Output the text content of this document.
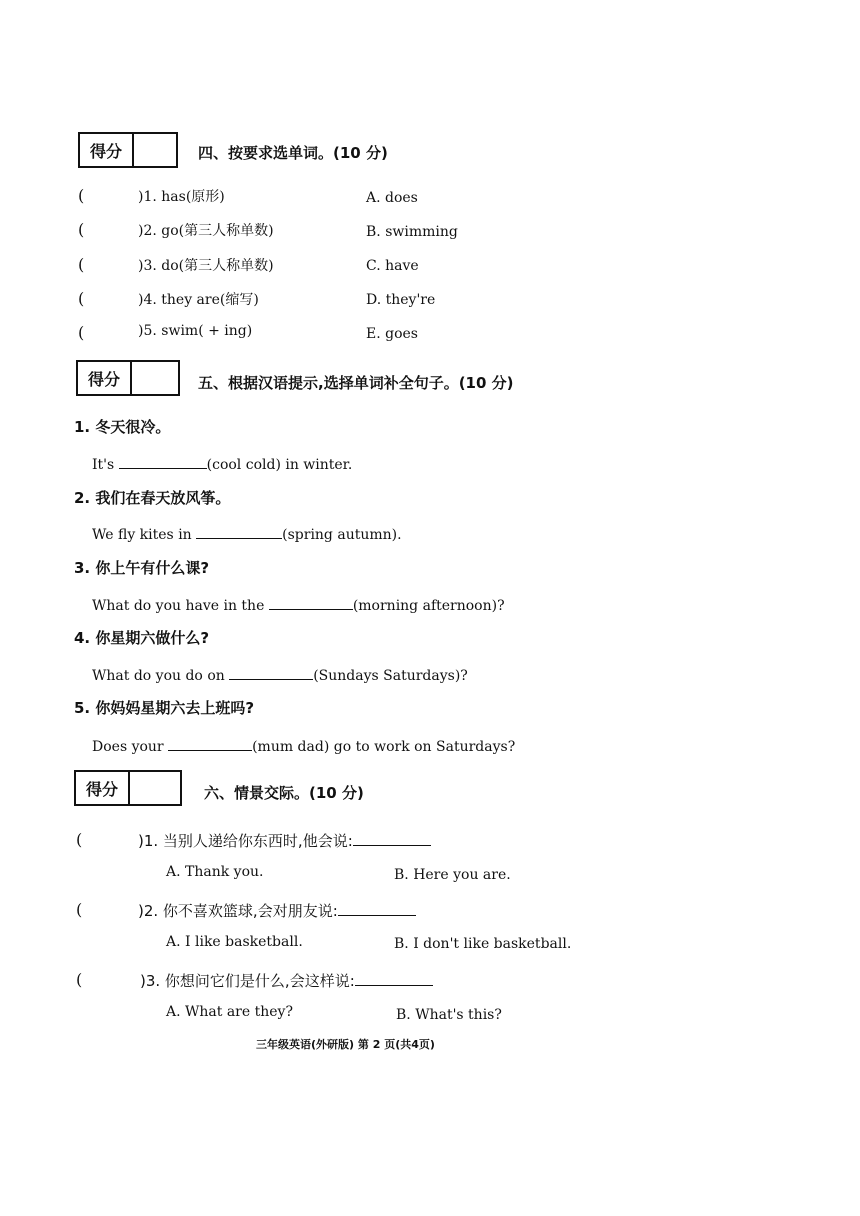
得分	四、按要求选单词。(10 分)
(	)1. has(原形)	A. does
(	)2. go(第三人称单数)	B. swimming
(	)3. do(第三人称单数)	C. have
(	)4. they are(缩写)	D. they're
(	)5. swim( + ing)	E. goes
得分	五、根据汉语提示,选择单词补全句子。(10 分)
1. 冬天很冷。
It's	(cool cold) in winter.
2. 我们在春天放风筝。
We fly kites in	(spring autumn).
3. 你上午有什么课?
What do you have in the	(morning afternoon)?
4. 你星期六做什么?
What do you do on	(Sundays Saturdays)?
5. 你妈妈星期六去上班吗?
Does your	(mum dad) go to work on Saturdays?
得分	六、情景交际。(10 分)
(	)1. 当别人递给你东西时,他会说:
A. Thank you.	B. Here you are.
(	)2. 你不喜欢篮球,会对朋友说:
A. I like basketball.	B. I don't like basketball.
(	)3. 你想问它们是什么,会这样说:
A. What are they?	B. What's this?
三年级英语(外研版) 第 2 页(共4页)
